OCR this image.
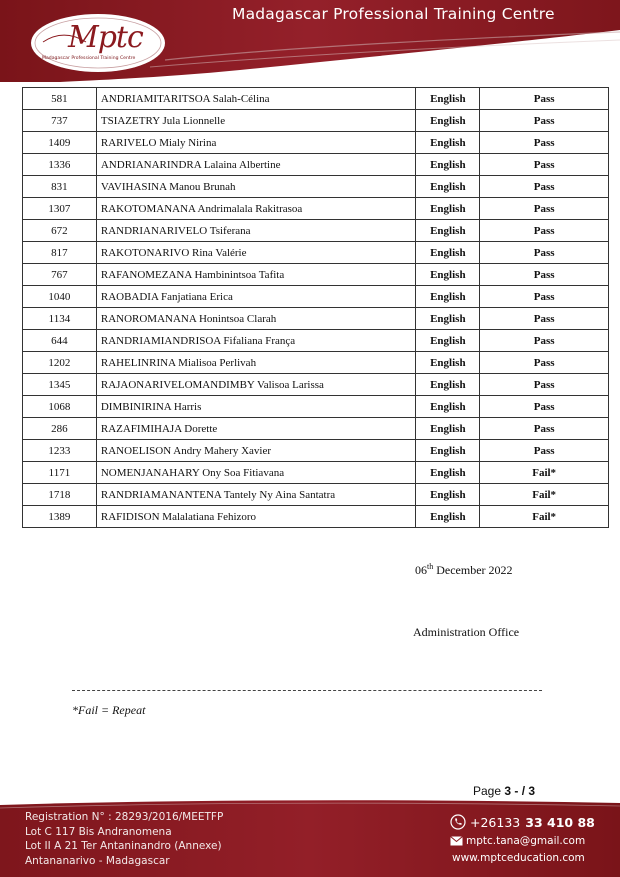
Mptc
Madagascar Professional Training Centre
Madagascar Professional Training Centre
581	ANDRIAMITARITSOA Salah-Célina	English	Pass
737	TSIAZETRY Jula Lionnelle	English	Pass
1409	RARIVELO Mialy Nirina	English	Pass
1336	ANDRIANARINDRA Lalaina Albertine	English	Pass
831	VAVIHASINA Manou Brunah	English	Pass
1307	RAKOTOMANANA Andrimalala Rakitrasoa	English	Pass
672	RANDRIANARIVELO Tsiferana	English	Pass
817	RAKOTONARIVO Rina Valérie	English	Pass
767	RAFANOMEZANA Hambinintsoa Tafita	English	Pass
1040	RAOBADIA Fanjatiana Erica	English	Pass
1134	RANOROMANANA Honintsoa Clarah	English	Pass
644	RANDRIAMIANDRISOA Fifaliana França	English	Pass
1202	RAHELINRINA Mialisoa Perlivah	English	Pass
1345	RAJAONARIVELOMANDIMBY Valisoa Larissa	English	Pass
1068	DIMBINIRINA Harris	English	Pass
286	RAZAFIMIHAJA Dorette	English	Pass
1233	RANOELISON Andry Mahery Xavier	English	Pass
1171	NOMENJANAHARY Ony Soa Fitiavana	English	Fail*
1718	RANDRIAMANANTENA Tantely Ny Aina Santatra	English	Fail*
1389	RAFIDISON Malalatiana Fehizoro	English	Fail*
06th December 2022
Administration Office
*Fail = Repeat
Page 3 - / 3
Registration N° : 28293/2016/MEETFP
Lot C 117 Bis Andranomena
Lot II A 21 Ter Antaninandro (Annexe)
Antananarivo - Madagascar
+26133 33 410 88
mptc.tana@gmail.com
www.mptceducation.com
